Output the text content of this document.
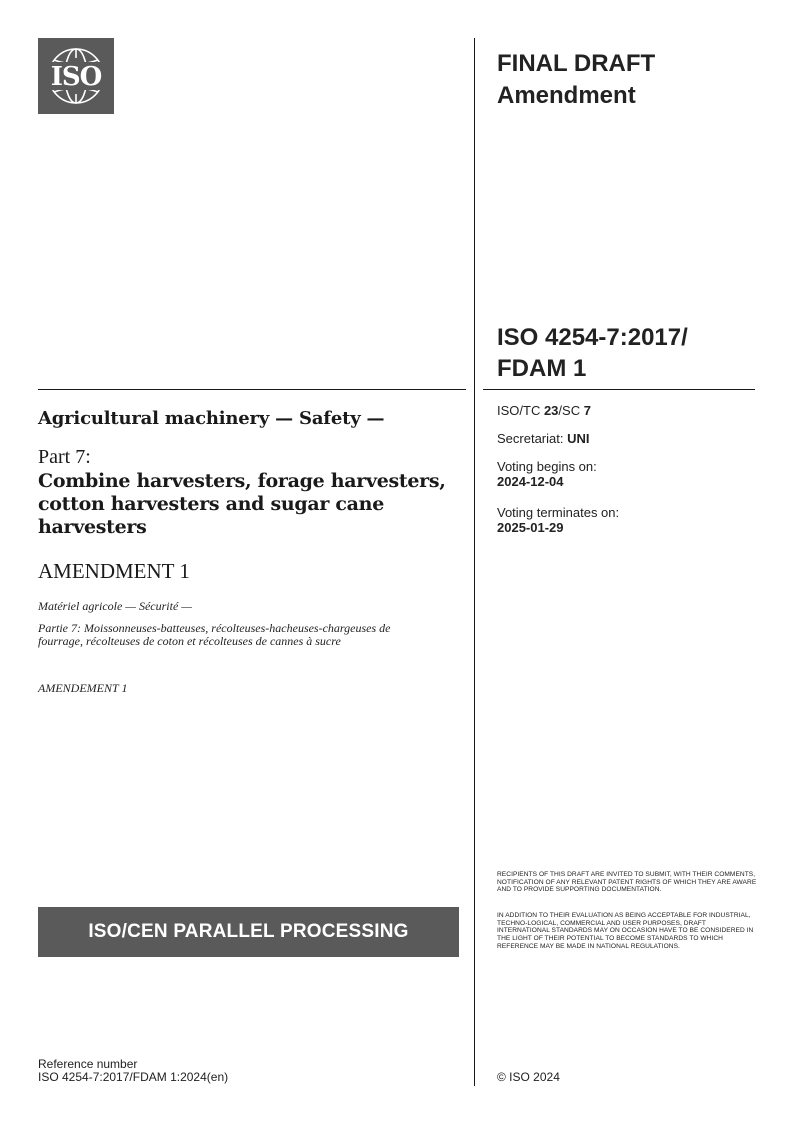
ISO	FINAL DRAFT
Amendment
ISO 4254-7:2017/
FDAM 1
Agricultural machinery — Safety —
Part 7:
Combine harvesters, forage harvesters, cotton harvesters and sugar cane harvesters
AMENDMENT 1
Matériel agricole — Sécurité —
Partie 7: Moissonneuses-batteuses, récolteuses-hacheuses-chargeuses de fourrage, récolteuses de coton et récolteuses de cannes à sucre
AMENDEMENT 1
ISO/TC 23/SC 7
Secretariat: UNI
Voting begins on:
2024-12-04
Voting terminates on:
2025-01-29
RECIPIENTS OF THIS DRAFT ARE INVITED TO SUBMIT, WITH THEIR COMMENTS, NOTIFICATION OF ANY RELEVANT PATENT RIGHTS OF WHICH THEY ARE AWARE AND TO PROVIDE SUPPORTING DOCUMENTATION.
IN ADDITION TO THEIR EVALUATION AS BEING ACCEPTABLE FOR INDUSTRIAL, TECHNO-LOGICAL, COMMERCIAL AND USER PURPOSES, DRAFT INTERNATIONAL STANDARDS MAY ON OCCASION HAVE TO BE CONSIDERED IN THE LIGHT OF THEIR POTENTIAL TO BECOME STANDARDS TO WHICH REFERENCE MAY BE MADE IN NATIONAL REGULATIONS.
ISO/CEN PARALLEL PROCESSING
Reference number
ISO 4254-7:2017/FDAM 1:2024(en)	© ISO 2024
